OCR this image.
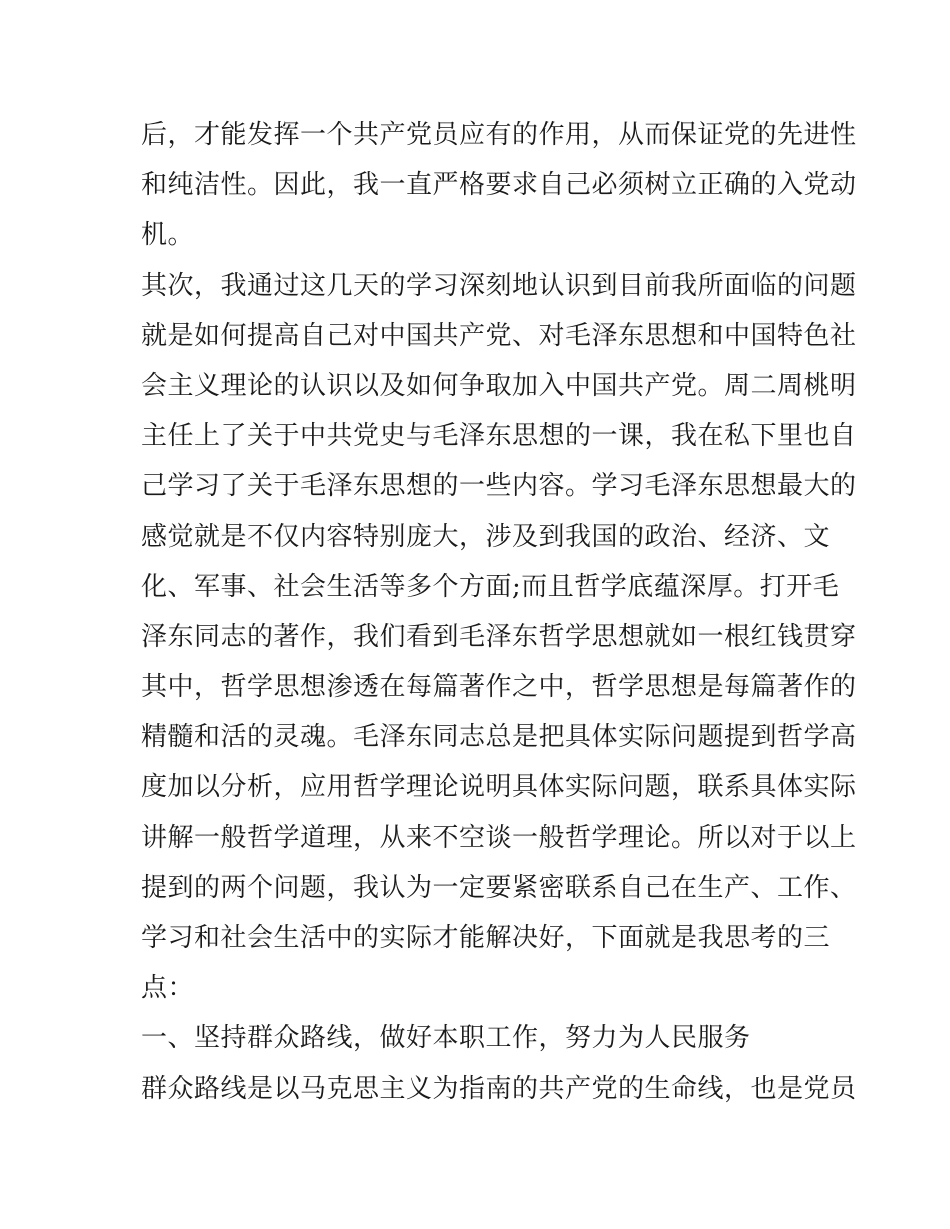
后，才能发挥一个共产党员应有的作用，从而保证党的先进性
和纯洁性。因此，我一直严格要求自己必须树立正确的入党动
机。
其次，我通过这几天的学习深刻地认识到目前我所面临的问题
就是如何提高自己对中国共产党、对毛泽东思想和中国特色社
会主义理论的认识以及如何争取加入中国共产党。周二周桃明
主任上了关于中共党史与毛泽东思想的一课，我在私下里也自
己学习了关于毛泽东思想的一些内容。学习毛泽东思想最大的
感觉就是不仅内容特别庞大，涉及到我国的政治、经济、文
化、军事、社会生活等多个方面;而且哲学底蕴深厚。打开毛
泽东同志的著作，我们看到毛泽东哲学思想就如一根红钱贯穿
其中，哲学思想渗透在每篇著作之中，哲学思想是每篇著作的
精髓和活的灵魂。毛泽东同志总是把具体实际问题提到哲学高
度加以分析，应用哲学理论说明具体实际问题，联系具体实际
讲解一般哲学道理，从来不空谈一般哲学理论。所以对于以上
提到的两个问题，我认为一定要紧密联系自己在生产、工作、
学习和社会生活中的实际才能解决好，下面就是我思考的三
点：
一、坚持群众路线，做好本职工作，努力为人民服务
群众路线是以马克思主义为指南的共产党的生命线，也是党员
